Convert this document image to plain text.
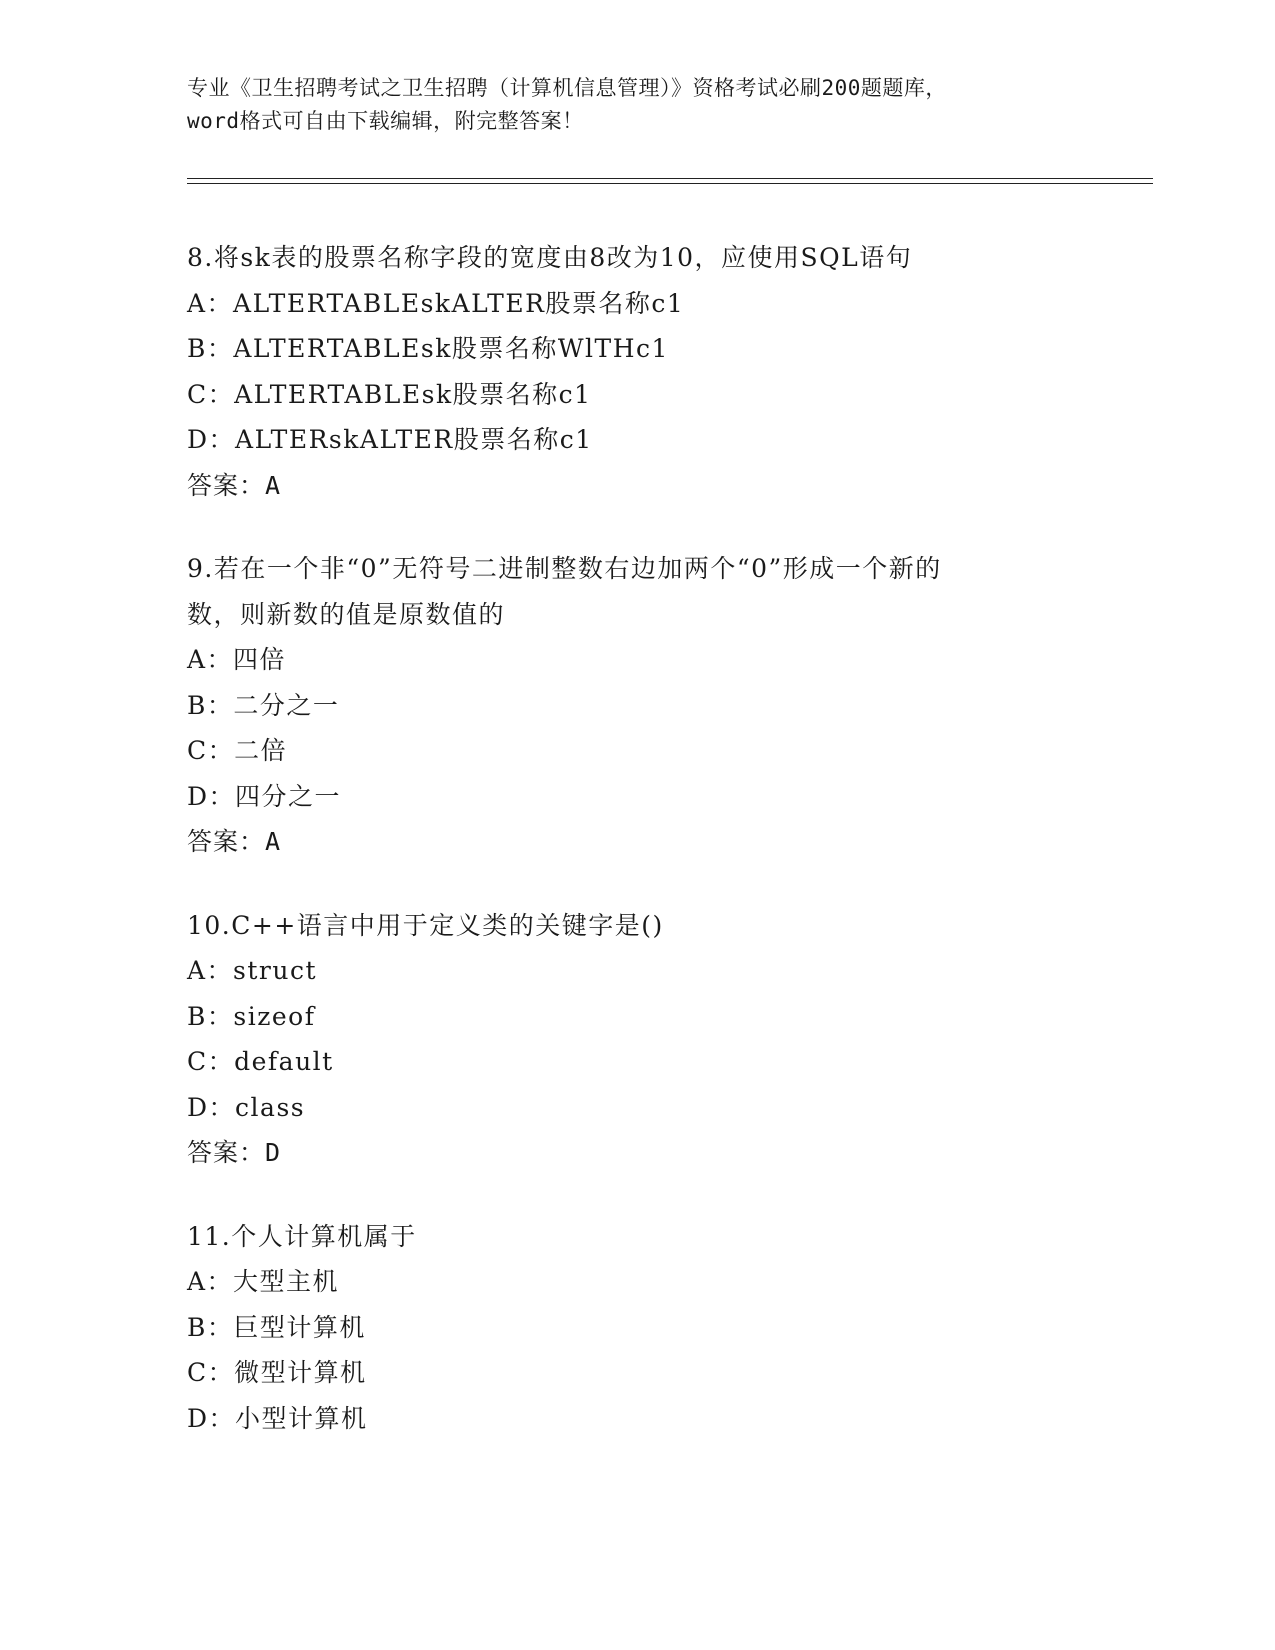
专业《卫生招聘考试之卫生招聘（计算机信息管理）》资格考试必刷200题题库，
word格式可自由下载编辑，附完整答案！
8.将sk表的股票名称字段的宽度由8改为10，应使用SQL语句
A：ALTERTABLEskALTER股票名称c1
B：ALTERTABLEsk股票名称WlTHc1
C：ALTERTABLEsk股票名称c1
D：ALTERskALTER股票名称c1
答案：A
9.若在一个非“0”无符号二进制整数右边加两个“0”形成一个新的
数，则新数的值是原数值的
A：四倍
B：二分之一
C：二倍
D：四分之一
答案：A
10.C++语言中用于定义类的关键字是()
A：struct
B：sizeof
C：default
D：class
答案：D
11.个人计算机属于
A：大型主机
B：巨型计算机
C：微型计算机
D：小型计算机
